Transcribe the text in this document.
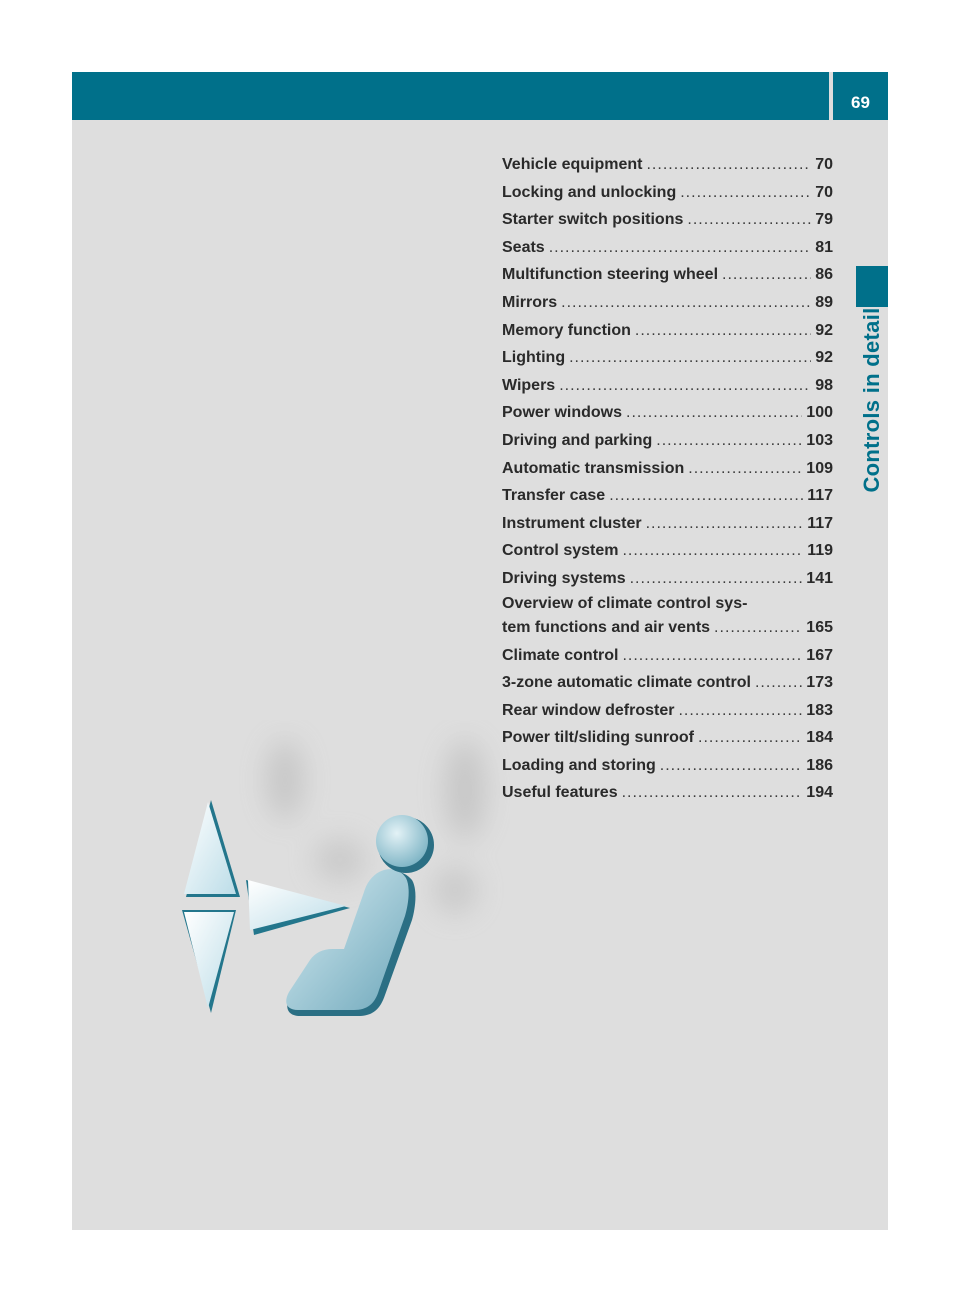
69
Controls in detail
Vehicle equipment .....	70
Locking and unlocking .....	70
Starter switch positions .....	79
Seats .....	81
Multifunction steering wheel .....	86
Mirrors .....	89
Memory function .....	92
Lighting .....	92
Wipers .....	98
Power windows .....	100
Driving and parking .....	103
Automatic transmission .....	109
Transfer case .....	117
Instrument cluster .....	117
Control system .....	119
Driving systems .....	141
Overview of climate control sys-
tem functions and air vents .....	165
Climate control .....	167
3-zone automatic climate control .....	173
Rear window defroster .....	183
Power tilt/sliding sunroof .....	184
Loading and storing .....	186
Useful features .....	194
